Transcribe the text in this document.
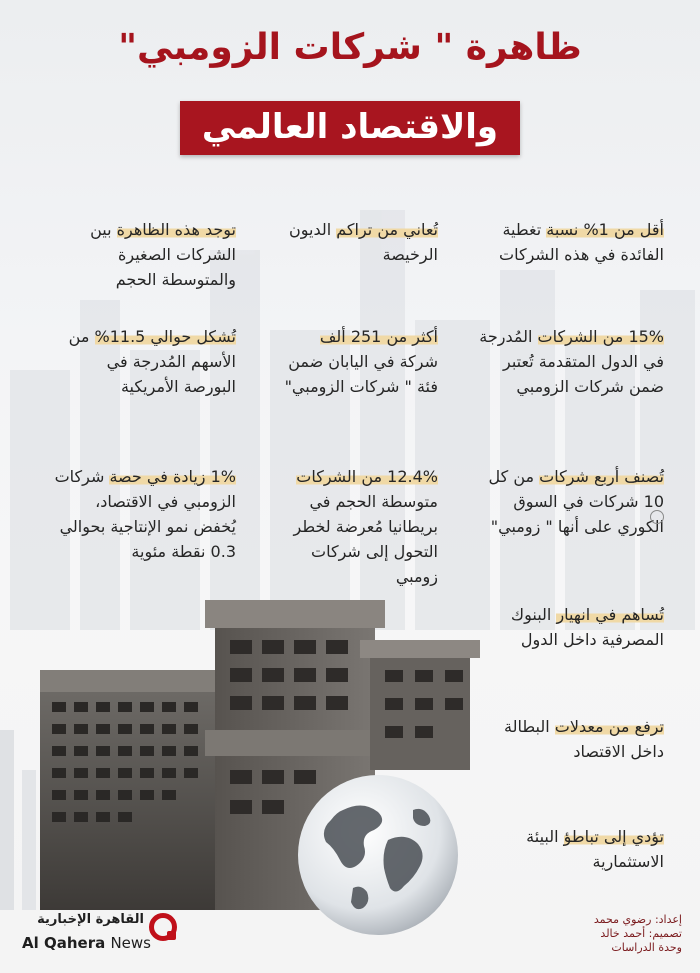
ظاهرة " شركات الزومبي"
والاقتصاد العالمي
أقل من 1% نسبة تغطية الفائدة في هذه الشركات
تُعاني من تراكم الديون الرخيصة
توجد هذه الظاهرة بين الشركات الصغيرة والمتوسطة الحجم
15% من الشركات المُدرجة في الدول المتقدمة تُعتبر ضمن شركات الزومبي
أكثر من 251 ألف شركة في اليابان ضمن فئة " شركات الزومبي"
تُشكل حوالي 11.5% من الأسهم المُدرجة في البورصة الأمريكية
تُصنف أربع شركات من كل 10 شركات في السوق الكوري على أنها " زومبي"
12.4% من الشركات متوسطة الحجم في بريطانيا مُعرضة لخطر التحول إلى شركات زومبي
1% زيادة في حصة شركات الزومبي في الاقتصاد، يُخفض نمو الإنتاجية بحوالي 0.3 نقطة مئوية
تُساهم في انهيار البنوك المصرفية داخل الدول
ترفع من معدلات البطالة داخل الاقتصاد
تؤدي إلى تباطؤ البيئة الاستثمارية
القاهرة الإخبارية
Al Qahera News
إعداد: رضوي محمد
تصميم: أحمد خالد
وحدة الدراسات
